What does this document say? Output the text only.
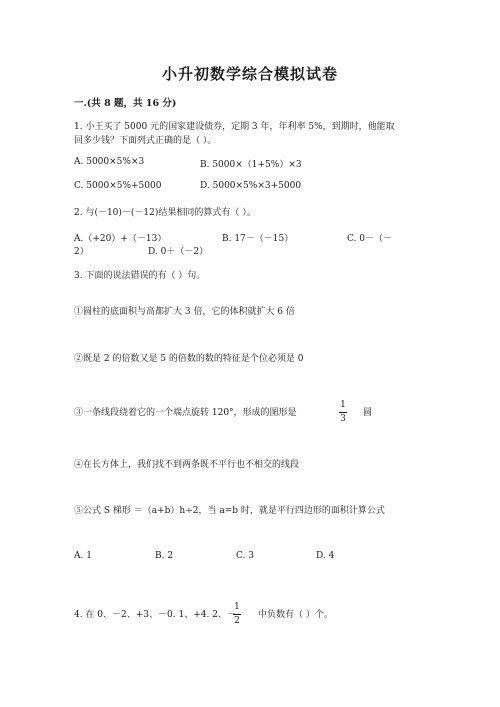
小升初数学综合模拟试卷
一.(共 8 题，共 16 分)
1. 小王买了 5000 元的国家建设债券，定期 3 年，年利率 5%，到期时，他能取
回多少钱？下面列式正确的是（ ）。
A. 5000×5%×3	B. 5000×（1+5%）×3
C. 5000×5%+5000	D. 5000×5%×3+5000
2. 与(－10)－(－12)结果相同的算式有（ ）。
A.（+20）+（－13）	B. 17－（－15）	C. 0－（－
2）	D. 0＋（－2）
3. 下面的说法错误的有（ ）句。
①圆柱的底面积与高都扩大 3 倍，它的体积就扩大 6 倍
②既是 2 的倍数又是 5 的倍数的数的特征是个位必须是 0
③一条线段绕着它的一个端点旋转 120°，形成的图形是
1
3
圆
④在长方体上，我们找不到两条既不平行也不相交的线段
⑤公式 S 梯形 ＝（a+b）h÷2，当 a=b 时，就是平行四边形的面积计算公式
A. 1	B. 2	C. 3	D. 4
4. 在 0、－2、+3、－0. 1、+4. 2、－
1
2
中负数有（ ）个。
